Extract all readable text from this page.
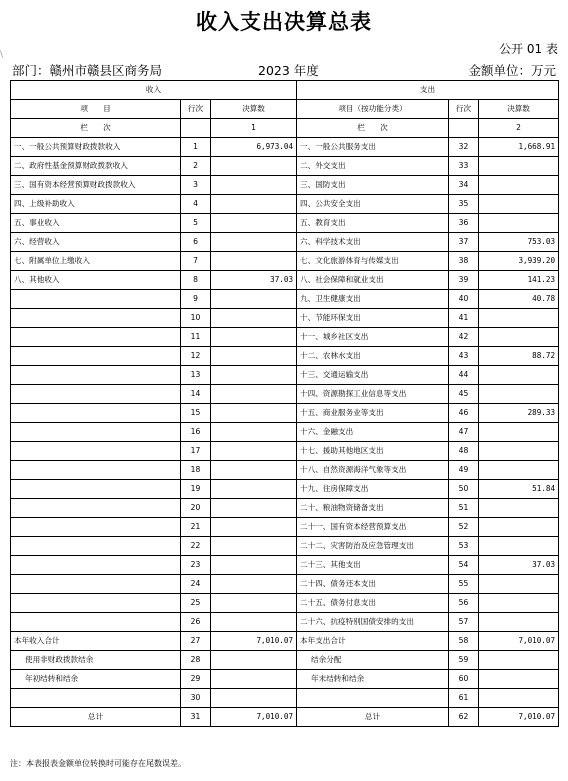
收入支出决算总表
公开 01 表
\
部门：赣州市赣县区商务局	2023 年度	金额单位：万元
收入			支出		
项　　目	行次	决算数	项目（按功能分类）	行次	决算数
栏　　次		1	栏　　次		2
一、一般公共预算财政拨款收入	1	6,973.04	一、一般公共服务支出	32	1,668.91
二、政府性基金预算财政拨款收入	2		二、外交支出	33	
三、国有资本经营预算财政拨款收入	3		三、国防支出	34	
四、上级补助收入	4		四、公共安全支出	35	
五、事业收入	5		五、教育支出	36	
六、经营收入	6		六、科学技术支出	37	753.03
七、附属单位上缴收入	7		七、文化旅游体育与传媒支出	38	3,939.20
八、其他收入	8	37.03	八、社会保障和就业支出	39	141.23
	9		九、卫生健康支出	40	40.78
	10		十、节能环保支出	41	
	11		十一、城乡社区支出	42	
	12		十二、农林水支出	43	88.72
	13		十三、交通运输支出	44	
	14		十四、资源勘探工业信息等支出	45	
	15		十五、商业服务业等支出	46	289.33
	16		十六、金融支出	47	
	17		十七、援助其他地区支出	48	
	18		十八、自然资源海洋气象等支出	49	
	19		十九、住房保障支出	50	51.84
	20		二十、粮油物资储备支出	51	
	21		二十一、国有资本经营预算支出	52	
	22		二十二、灾害防治及应急管理支出	53	
	23		二十三、其他支出	54	37.03
	24		二十四、债务还本支出	55	
	25		二十五、债务付息支出	56	
	26		二十六、抗疫特别国债安排的支出	57	
本年收入合计	27	7,010.07	本年支出合计	58	7,010.07
使用非财政拨款结余	28		结余分配	59	
年初结转和结余	29		年末结转和结余	60	
	30			61	
总计	31	7,010.07	总计	62	7,010.07
注：本表报表金额单位转换时可能存在尾数误差。
